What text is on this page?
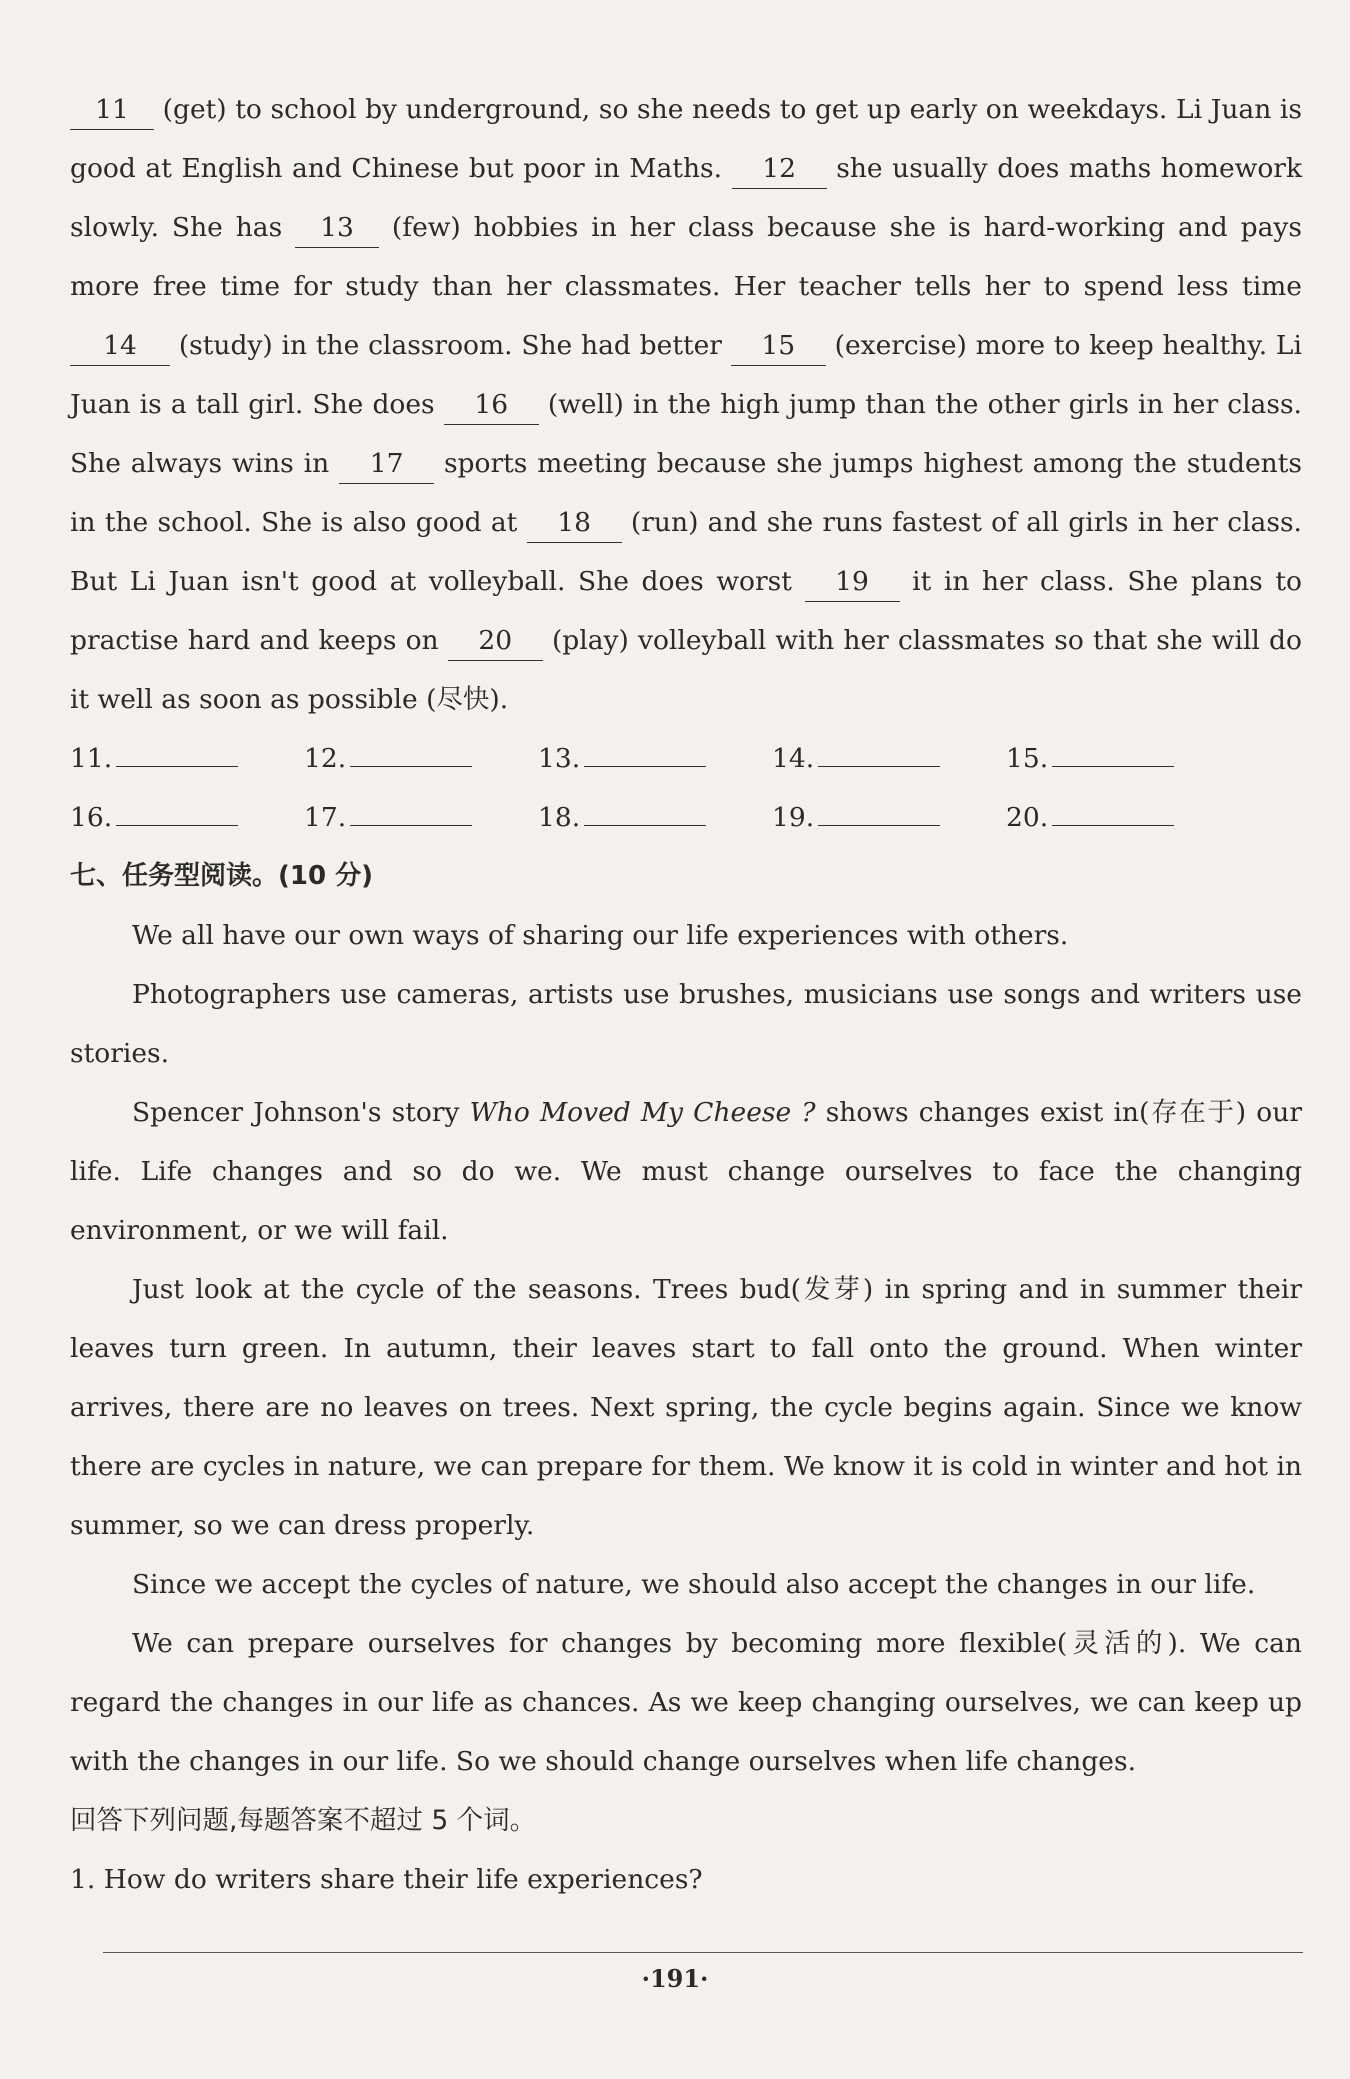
11 (get) to school by underground, so she needs to get up early on weekdays. Li Juan is good at English and Chinese but poor in Maths. 12 she usually does maths homework slowly. She has 13 (few) hobbies in her class because she is hard-working and pays more free time for study than her classmates. Her teacher tells her to spend less time 14 (study) in the classroom. She had better 15 (exercise) more to keep healthy. Li Juan is a tall girl. She does 16 (well) in the high jump than the other girls in her class. She always wins in 17 sports meeting because she jumps highest among the students in the school. She is also good at 18 (run) and she runs fastest of all girls in her class. But Li Juan isn't good at volleyball. She does worst 19 it in her class. She plans to practise hard and keeps on 20 (play) volleyball with her classmates so that she will do it well as soon as possible (尽快).

11.	12.	13.	14.	15.
16.	17.	18.	19.	20.

七、任务型阅读。(10 分)

We all have our own ways of sharing our life experiences with others.

Photographers use cameras, artists use brushes, musicians use songs and writers use stories.

Spencer Johnson's story Who Moved My Cheese ? shows changes exist in(存在于) our life. Life changes and so do we. We must change ourselves to face the changing environment, or we will fail.

Just look at the cycle of the seasons. Trees bud(发芽) in spring and in summer their leaves turn green. In autumn, their leaves start to fall onto the ground. When winter arrives, there are no leaves on trees. Next spring, the cycle begins again. Since we know there are cycles in nature, we can prepare for them. We know it is cold in winter and hot in summer, so we can dress properly.

Since we accept the cycles of nature, we should also accept the changes in our life.

We can prepare ourselves for changes by becoming more flexible(灵活的). We can regard the changes in our life as chances. As we keep changing ourselves, we can keep up with the changes in our life. So we should change ourselves when life changes.

回答下列问题,每题答案不超过 5 个词。

1. How do writers share their life experiences?

·191·
